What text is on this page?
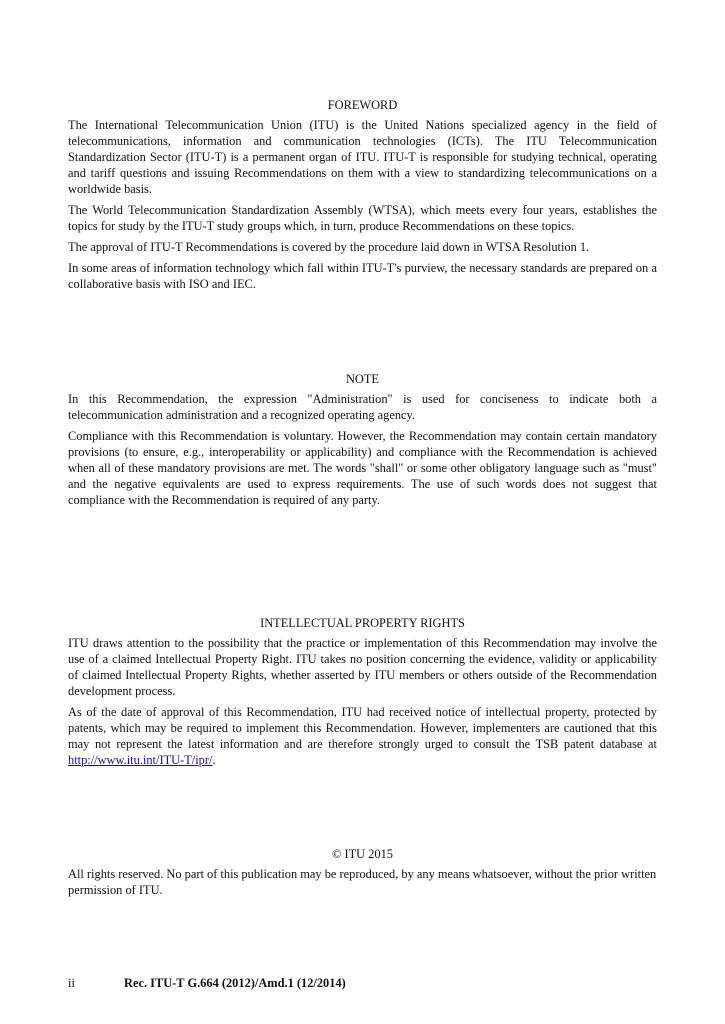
FOREWORD

The International Telecommunication Union (ITU) is the United Nations specialized agency in the field of telecommunications, information and communication technologies (ICTs). The ITU Telecommunication Standardization Sector (ITU-T) is a permanent organ of ITU. ITU-T is responsible for studying technical, operating and tariff questions and issuing Recommendations on them with a view to standardizing telecommunications on a worldwide basis.

The World Telecommunication Standardization Assembly (WTSA), which meets every four years, establishes the topics for study by the ITU-T study groups which, in turn, produce Recommendations on these topics.

The approval of ITU-T Recommendations is covered by the procedure laid down in WTSA Resolution 1.

In some areas of information technology which fall within ITU-T's purview, the necessary standards are prepared on a collaborative basis with ISO and IEC.

NOTE

In this Recommendation, the expression "Administration" is used for conciseness to indicate both a telecommunication administration and a recognized operating agency.

Compliance with this Recommendation is voluntary. However, the Recommendation may contain certain mandatory provisions (to ensure, e.g., interoperability or applicability) and compliance with the Recommendation is achieved when all of these mandatory provisions are met. The words "shall" or some other obligatory language such as "must" and the negative equivalents are used to express requirements. The use of such words does not suggest that compliance with the Recommendation is required of any party.

INTELLECTUAL PROPERTY RIGHTS

ITU draws attention to the possibility that the practice or implementation of this Recommendation may involve the use of a claimed Intellectual Property Right. ITU takes no position concerning the evidence, validity or applicability of claimed Intellectual Property Rights, whether asserted by ITU members or others outside of the Recommendation development process.

As of the date of approval of this Recommendation, ITU had received notice of intellectual property, protected by patents, which may be required to implement this Recommendation. However, implementers are cautioned that this may not represent the latest information and are therefore strongly urged to consult the TSB patent database at http://www.itu.int/ITU-T/ipr/.

© ITU 2015

All rights reserved. No part of this publication may be reproduced, by any means whatsoever, without the prior written permission of ITU.

ii	Rec. ITU-T G.664 (2012)/Amd.1 (12/2014)
